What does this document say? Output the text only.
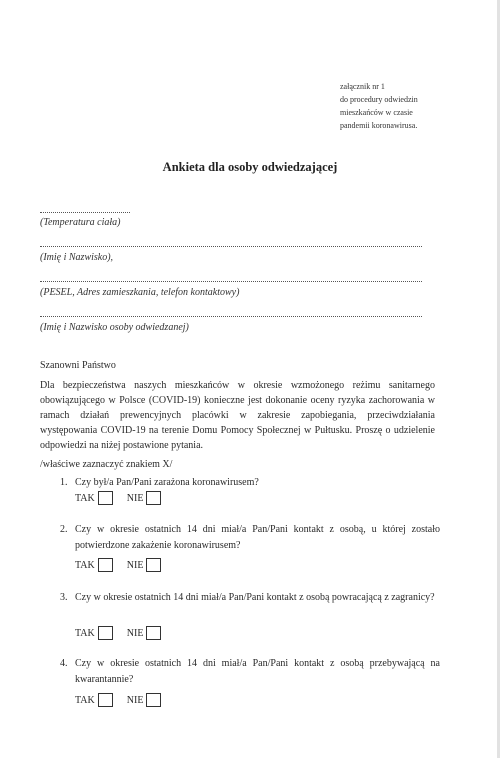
załącznik nr 1
do procedury odwiedzin
mieszkańców w czasie
pandemii koronawirusa.
Ankieta dla osoby odwiedzającej
(Temperatura ciała)
(Imię i Nazwisko),
(PESEL, Adres zamieszkania, telefon kontaktowy)
(Imię i Nazwisko osoby odwiedzanej)
Szanowni Państwo
Dla bezpieczeństwa naszych mieszkańców w okresie wzmożonego reżimu sanitarnego obowiązującego w Polsce (COVID-19) konieczne jest dokonanie oceny ryzyka zachorowania w ramach działań prewencyjnych placówki w zakresie zapobiegania, przeciwdziałania występowania COVID-19 na terenie Domu Pomocy Społecznej w Pułtusku. Proszę o udzielenie odpowiedzi na niżej postawione pytania.
/właściwe zaznaczyć znakiem X/
1. Czy był/a Pan/Pani zarażona koronawirusem?
TAK	NIE
2. Czy w okresie ostatnich 14 dni miał/a Pan/Pani kontakt z osobą, u której zostało potwierdzone zakażenie koronawirusem?
TAK	NIE
3. Czy w okresie ostatnich 14 dni miał/a Pan/Pani kontakt z osobą powracającą z zagranicy?
TAK	NIE
4. Czy w okresie ostatnich 14 dni miał/a Pan/Pani kontakt z osobą przebywającą na kwarantannie?
TAK	NIE
